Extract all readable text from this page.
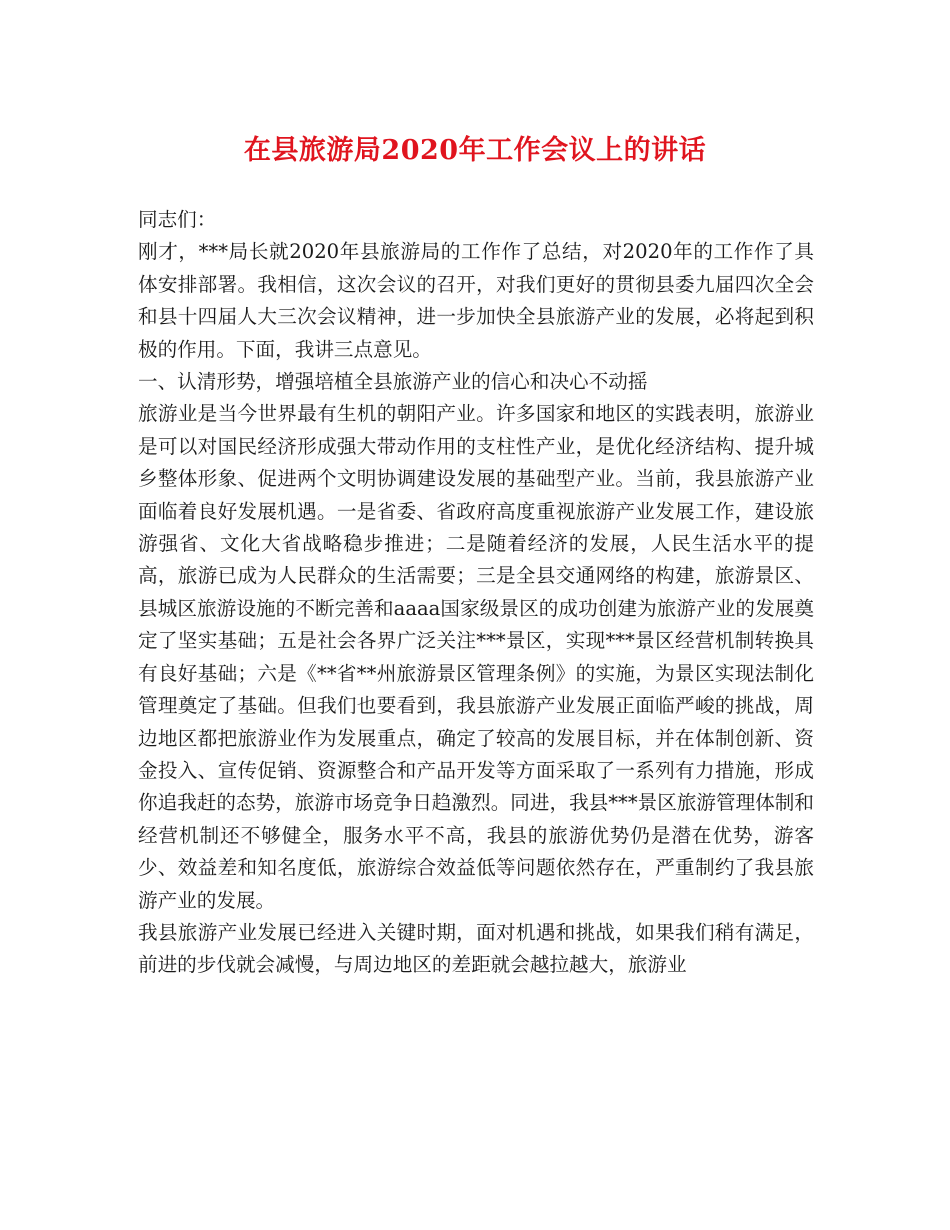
在县旅游局2020年工作会议上的讲话

同志们：

刚才，***局长就2020年县旅游局的工作作了总结，对2020年的工作作了具体安排部署。我相信，这次会议的召开，对我们更好的贯彻县委九届四次全会和县十四届人大三次会议精神，进一步加快全县旅游产业的发展，必将起到积极的作用。下面，我讲三点意见。

一、认清形势，增强培植全县旅游产业的信心和决心不动摇

旅游业是当今世界最有生机的朝阳产业。许多国家和地区的实践表明，旅游业是可以对国民经济形成强大带动作用的支柱性产业，是优化经济结构、提升城乡整体形象、促进两个文明协调建设发展的基础型产业。当前，我县旅游产业面临着良好发展机遇。一是省委、省政府高度重视旅游产业发展工作，建设旅游强省、文化大省战略稳步推进；二是随着经济的发展，人民生活水平的提高，旅游已成为人民群众的生活需要；三是全县交通网络的构建，旅游景区、县城区旅游设施的不断完善和aaaa国家级景区的成功创建为旅游产业的发展奠定了坚实基础；五是社会各界广泛关注***景区，实现***景区经营机制转换具有良好基础；六是《**省**州旅游景区管理条例》的实施，为景区实现法制化管理奠定了基础。但我们也要看到，我县旅游产业发展正面临严峻的挑战，周边地区都把旅游业作为发展重点，确定了较高的发展目标，并在体制创新、资金投入、宣传促销、资源整合和产品开发等方面采取了一系列有力措施，形成你追我赶的态势，旅游市场竞争日趋激烈。同进，我县***景区旅游管理体制和经营机制还不够健全，服务水平不高，我县的旅游优势仍是潜在优势，游客少、效益差和知名度低，旅游综合效益低等问题依然存在，严重制约了我县旅游产业的发展。

我县旅游产业发展已经进入关键时期，面对机遇和挑战，如果我们稍有满足，前进的步伐就会减慢，与周边地区的差距就会越拉越大，旅游业
